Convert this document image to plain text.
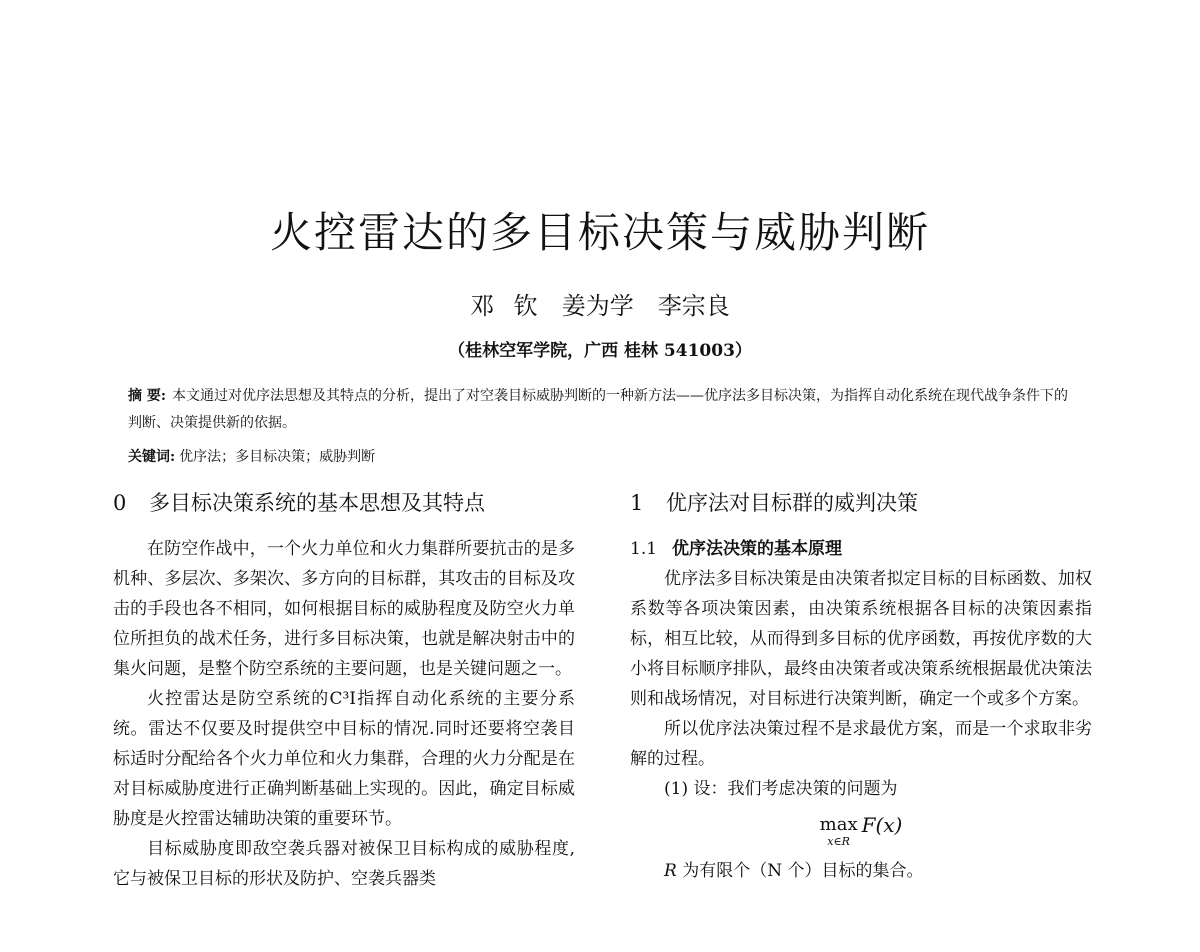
火控雷达的多目标决策与威胁判断
邓 钦　姜为学　李宗良
（桂林空军学院，广西 桂林 541003）
摘 要: 本文通过对优序法思想及其特点的分析，提出了对空袭目标威胁判断的一种新方法——优序法多目标决策，为指挥自动化系统在现代战争条件下的判断、决策提供新的依据。
关键词: 优序法；多目标决策；威胁判断
0 多目标决策系统的基本思想及其特点

在防空作战中，一个火力单位和火力集群所要抗击的是多机种、多层次、多架次、多方向的目标群，其攻击的目标及攻击的手段也各不相同，如何根据目标的威胁程度及防空火力单位所担负的战术任务，进行多目标决策，也就是解决射击中的集火问题，是整个防空系统的主要问题，也是关键问题之一。

火控雷达是防空系统的C³I指挥自动化系统的主要分系统。雷达不仅要及时提供空中目标的情况.同时还要将空袭目标适时分配给各个火力单位和火力集群，合理的火力分配是在对目标威胁度进行正确判断基础上实现的。因此，确定目标威胁度是火控雷达辅助决策的重要环节。

目标威胁度即敌空袭兵器对被保卫目标构成的威胁程度,它与被保卫目标的形状及防护、空袭兵器类

1 优序法对目标群的威判决策
1.1 优序法决策的基本原理

优序法多目标决策是由决策者拟定目标的目标函数、加权系数等各项决策因素，由决策系统根据各目标的决策因素指标，相互比较，从而得到多目标的优序函数，再按优序数的大小将目标顺序排队，最终由决策者或决策系统根据最优决策法则和战场情况，对目标进行决策判断，确定一个或多个方案。

所以优序法决策过程不是求最优方案，而是一个求取非劣解的过程。

(1) 设：我们考虑决策的问题为

max
x∈R
F(x)

R 为有限个（N 个）目标的集合。
